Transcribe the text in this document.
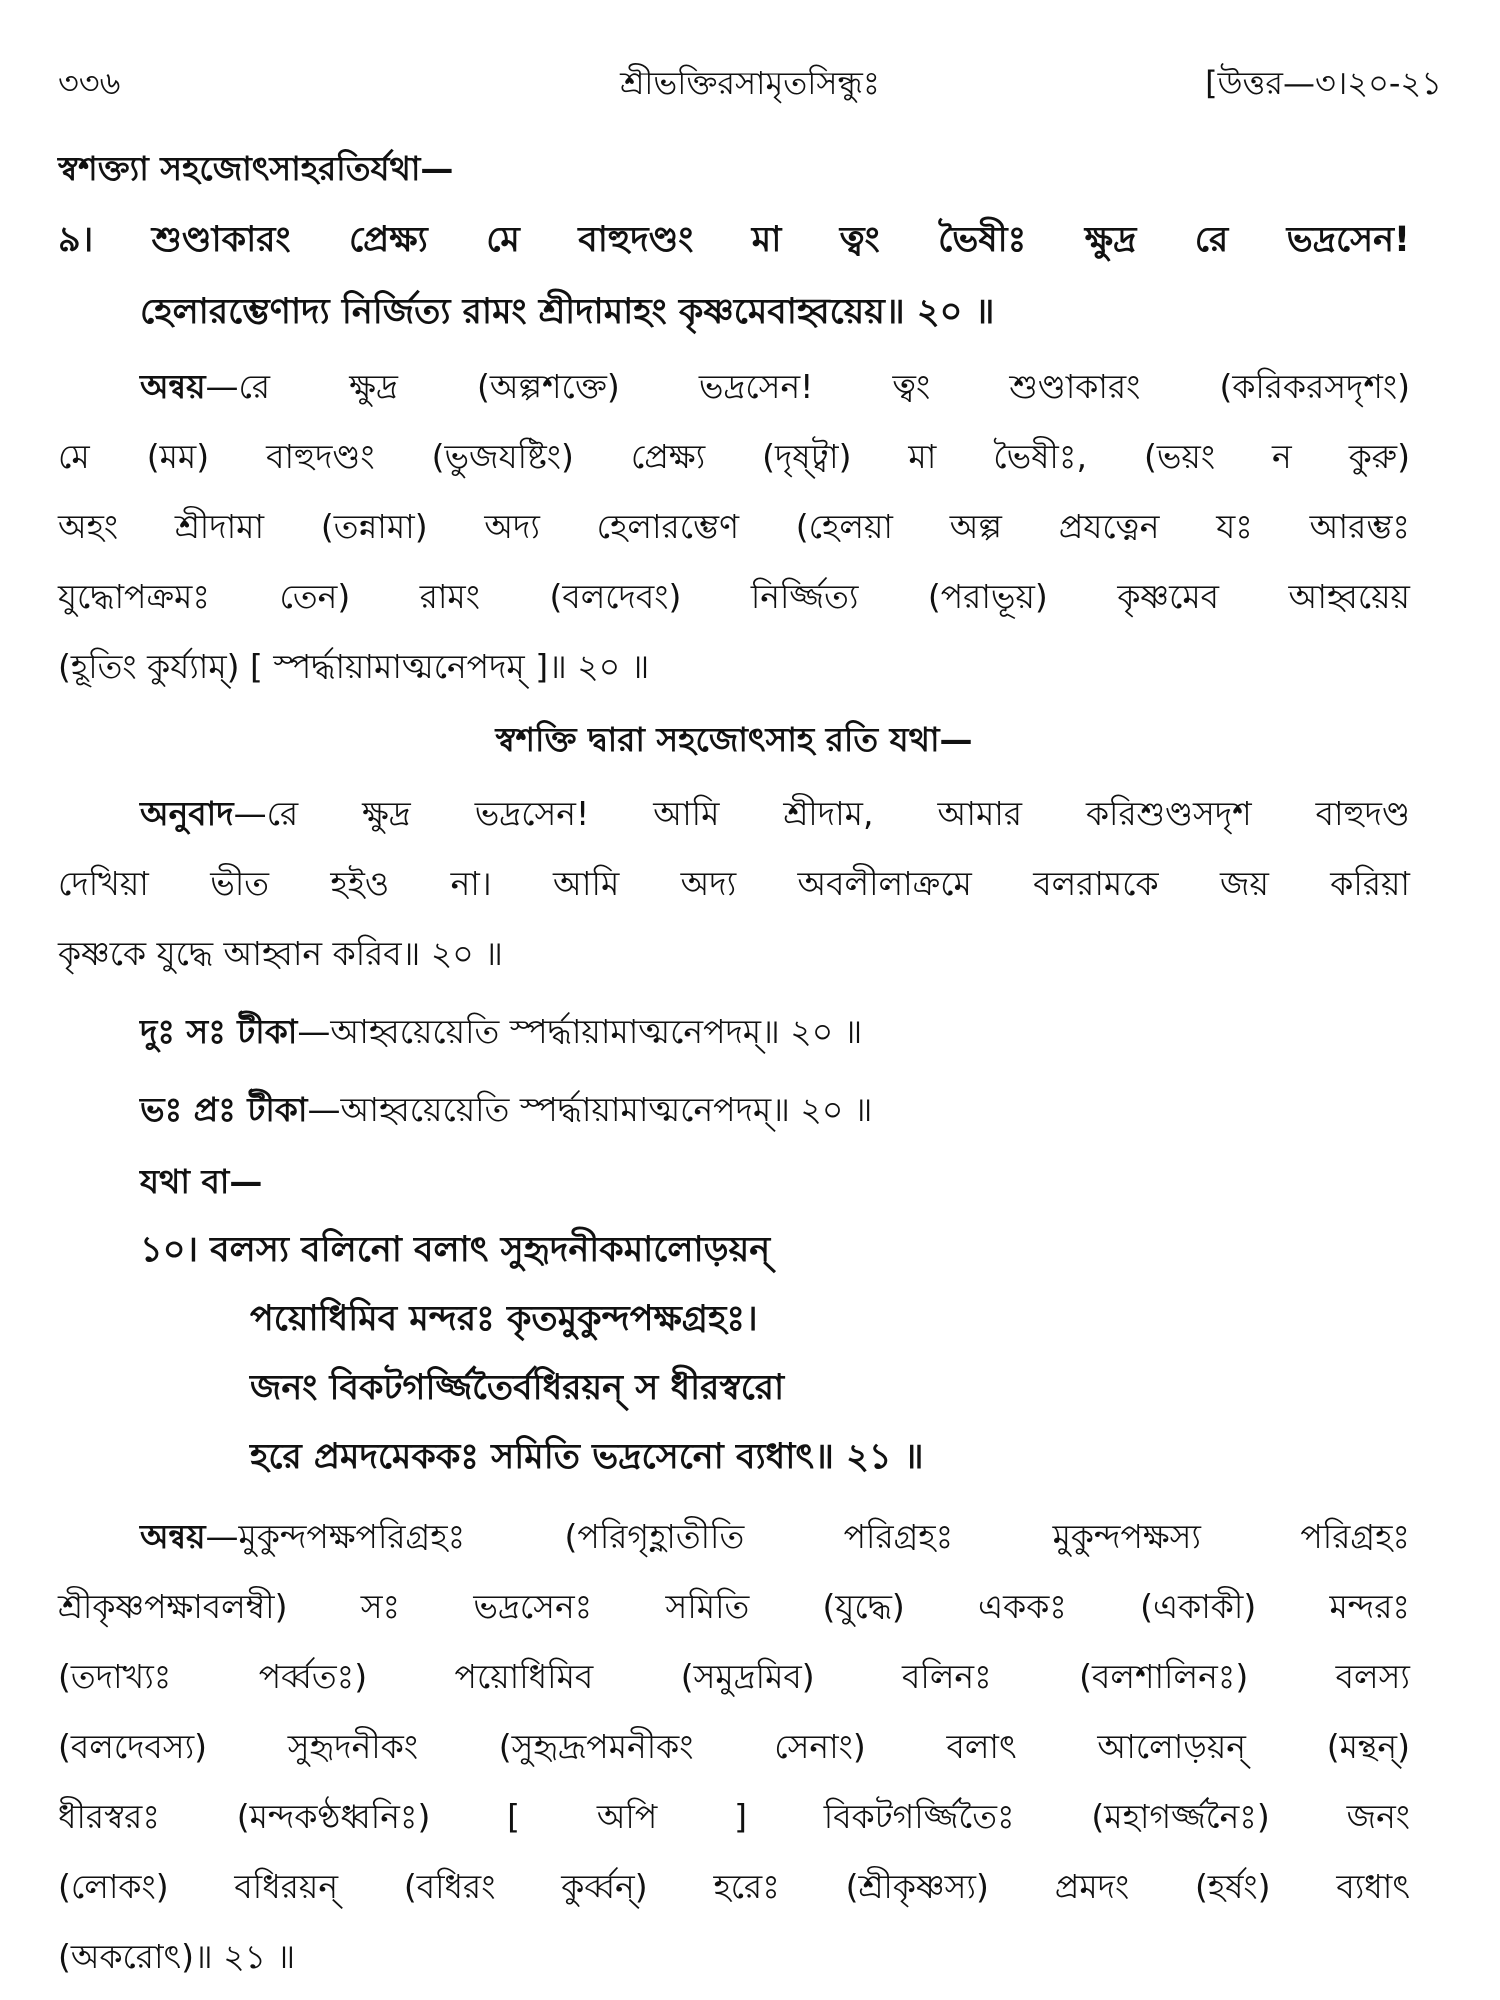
৩৩৬	শ্রীভক্তিরসামৃতসিন্ধুঃ	[উত্তর—৩।২০-২১
স্বশক্ত্যা সহজোৎসাহরতির্যথা—
৯। শুণ্ডাকারং প্রেক্ষ্য মে বাহুদণ্ডং মা ত্বং ভৈষীঃ ক্ষুদ্র রে ভদ্রসেন!
হেলারম্ভেণাদ্য নির্জিত্য রামং শ্রীদামাহং কৃষ্ণমেবাহ্বয়েয়॥ ২০ ॥
অন্বয়—রে ক্ষুদ্র (অল্পশক্তে) ভদ্রসেন! ত্বং শুণ্ডাকারং (করিকরসদৃশং)
মে (মম) বাহুদণ্ডং (ভুজযষ্টিং) প্রেক্ষ্য (দৃষ্ট্বা) মা ভৈষীঃ, (ভয়ং ন কুরু)
অহং শ্রীদামা (তন্নামা) অদ্য হেলারম্ভেণ (হেলয়া অল্প প্রযত্নেন যঃ আরম্ভঃ
যুদ্ধোপক্রমঃ তেন) রামং (বলদেবং) নির্জ্জিত্য (পরাভূয়) কৃষ্ণমেব আহ্বয়েয়
(হূতিং কুর্য্যাম্) [ স্পর্দ্ধায়ামাত্মনেপদম্ ]॥ ২০ ॥
স্বশক্তি দ্বারা সহজোৎসাহ রতি যথা—
অনুবাদ—রে ক্ষুদ্র ভদ্রসেন! আমি শ্রীদাম, আমার করিশুণ্ডসদৃশ বাহুদণ্ড
দেখিয়া ভীত হইও না। আমি অদ্য অবলীলাক্রমে বলরামকে জয় করিয়া
কৃষ্ণকে যুদ্ধে আহ্বান করিব॥ ২০ ॥
দুঃ সঃ টীকা—আহ্বয়েয়েতি স্পর্দ্ধায়ামাত্মনেপদম্॥ ২০ ॥
ভঃ প্রঃ টীকা—আহ্বয়েয়েতি স্পর্দ্ধায়ামাত্মনেপদম্॥ ২০ ॥
যথা বা—
১০। বলস্য বলিনো বলাৎ সুহৃদনীকমালোড়য়ন্
পয়োধিমিব মন্দরঃ কৃতমুকুন্দপক্ষগ্রহঃ।
জনং বিকটগর্জ্জিতৈর্বধিরয়ন্ স ধীরস্বরো
হরে প্রমদমেককঃ সমিতি ভদ্রসেনো ব্যধাৎ॥ ২১ ॥
অন্বয়—মুকুন্দপক্ষপরিগ্রহঃ (পরিগৃহ্ণাতীতি পরিগ্রহঃ মুকুন্দপক্ষস্য পরিগ্রহঃ
শ্রীকৃষ্ণপক্ষাবলম্বী) সঃ ভদ্রসেনঃ সমিতি (যুদ্ধে) এককঃ (একাকী) মন্দরঃ
(তদাখ্যঃ পর্ব্বতঃ) পয়োধিমিব (সমুদ্রমিব) বলিনঃ (বলশালিনঃ) বলস্য
(বলদেবস্য) সুহৃদনীকং (সুহৃদ্রূপমনীকং সেনাং) বলাৎ আলোড়য়ন্ (মন্থন্)
ধীরস্বরঃ (মন্দকণ্ঠধ্বনিঃ) [ অপি ] বিকটগর্জ্জিতৈঃ (মহাগর্জ্জনৈঃ) জনং
(লোকং) বধিরয়ন্ (বধিরং কুর্ব্বন্) হরেঃ (শ্রীকৃষ্ণস্য) প্রমদং (হর্ষং) ব্যধাৎ
(অকরোৎ)॥ ২১ ॥
